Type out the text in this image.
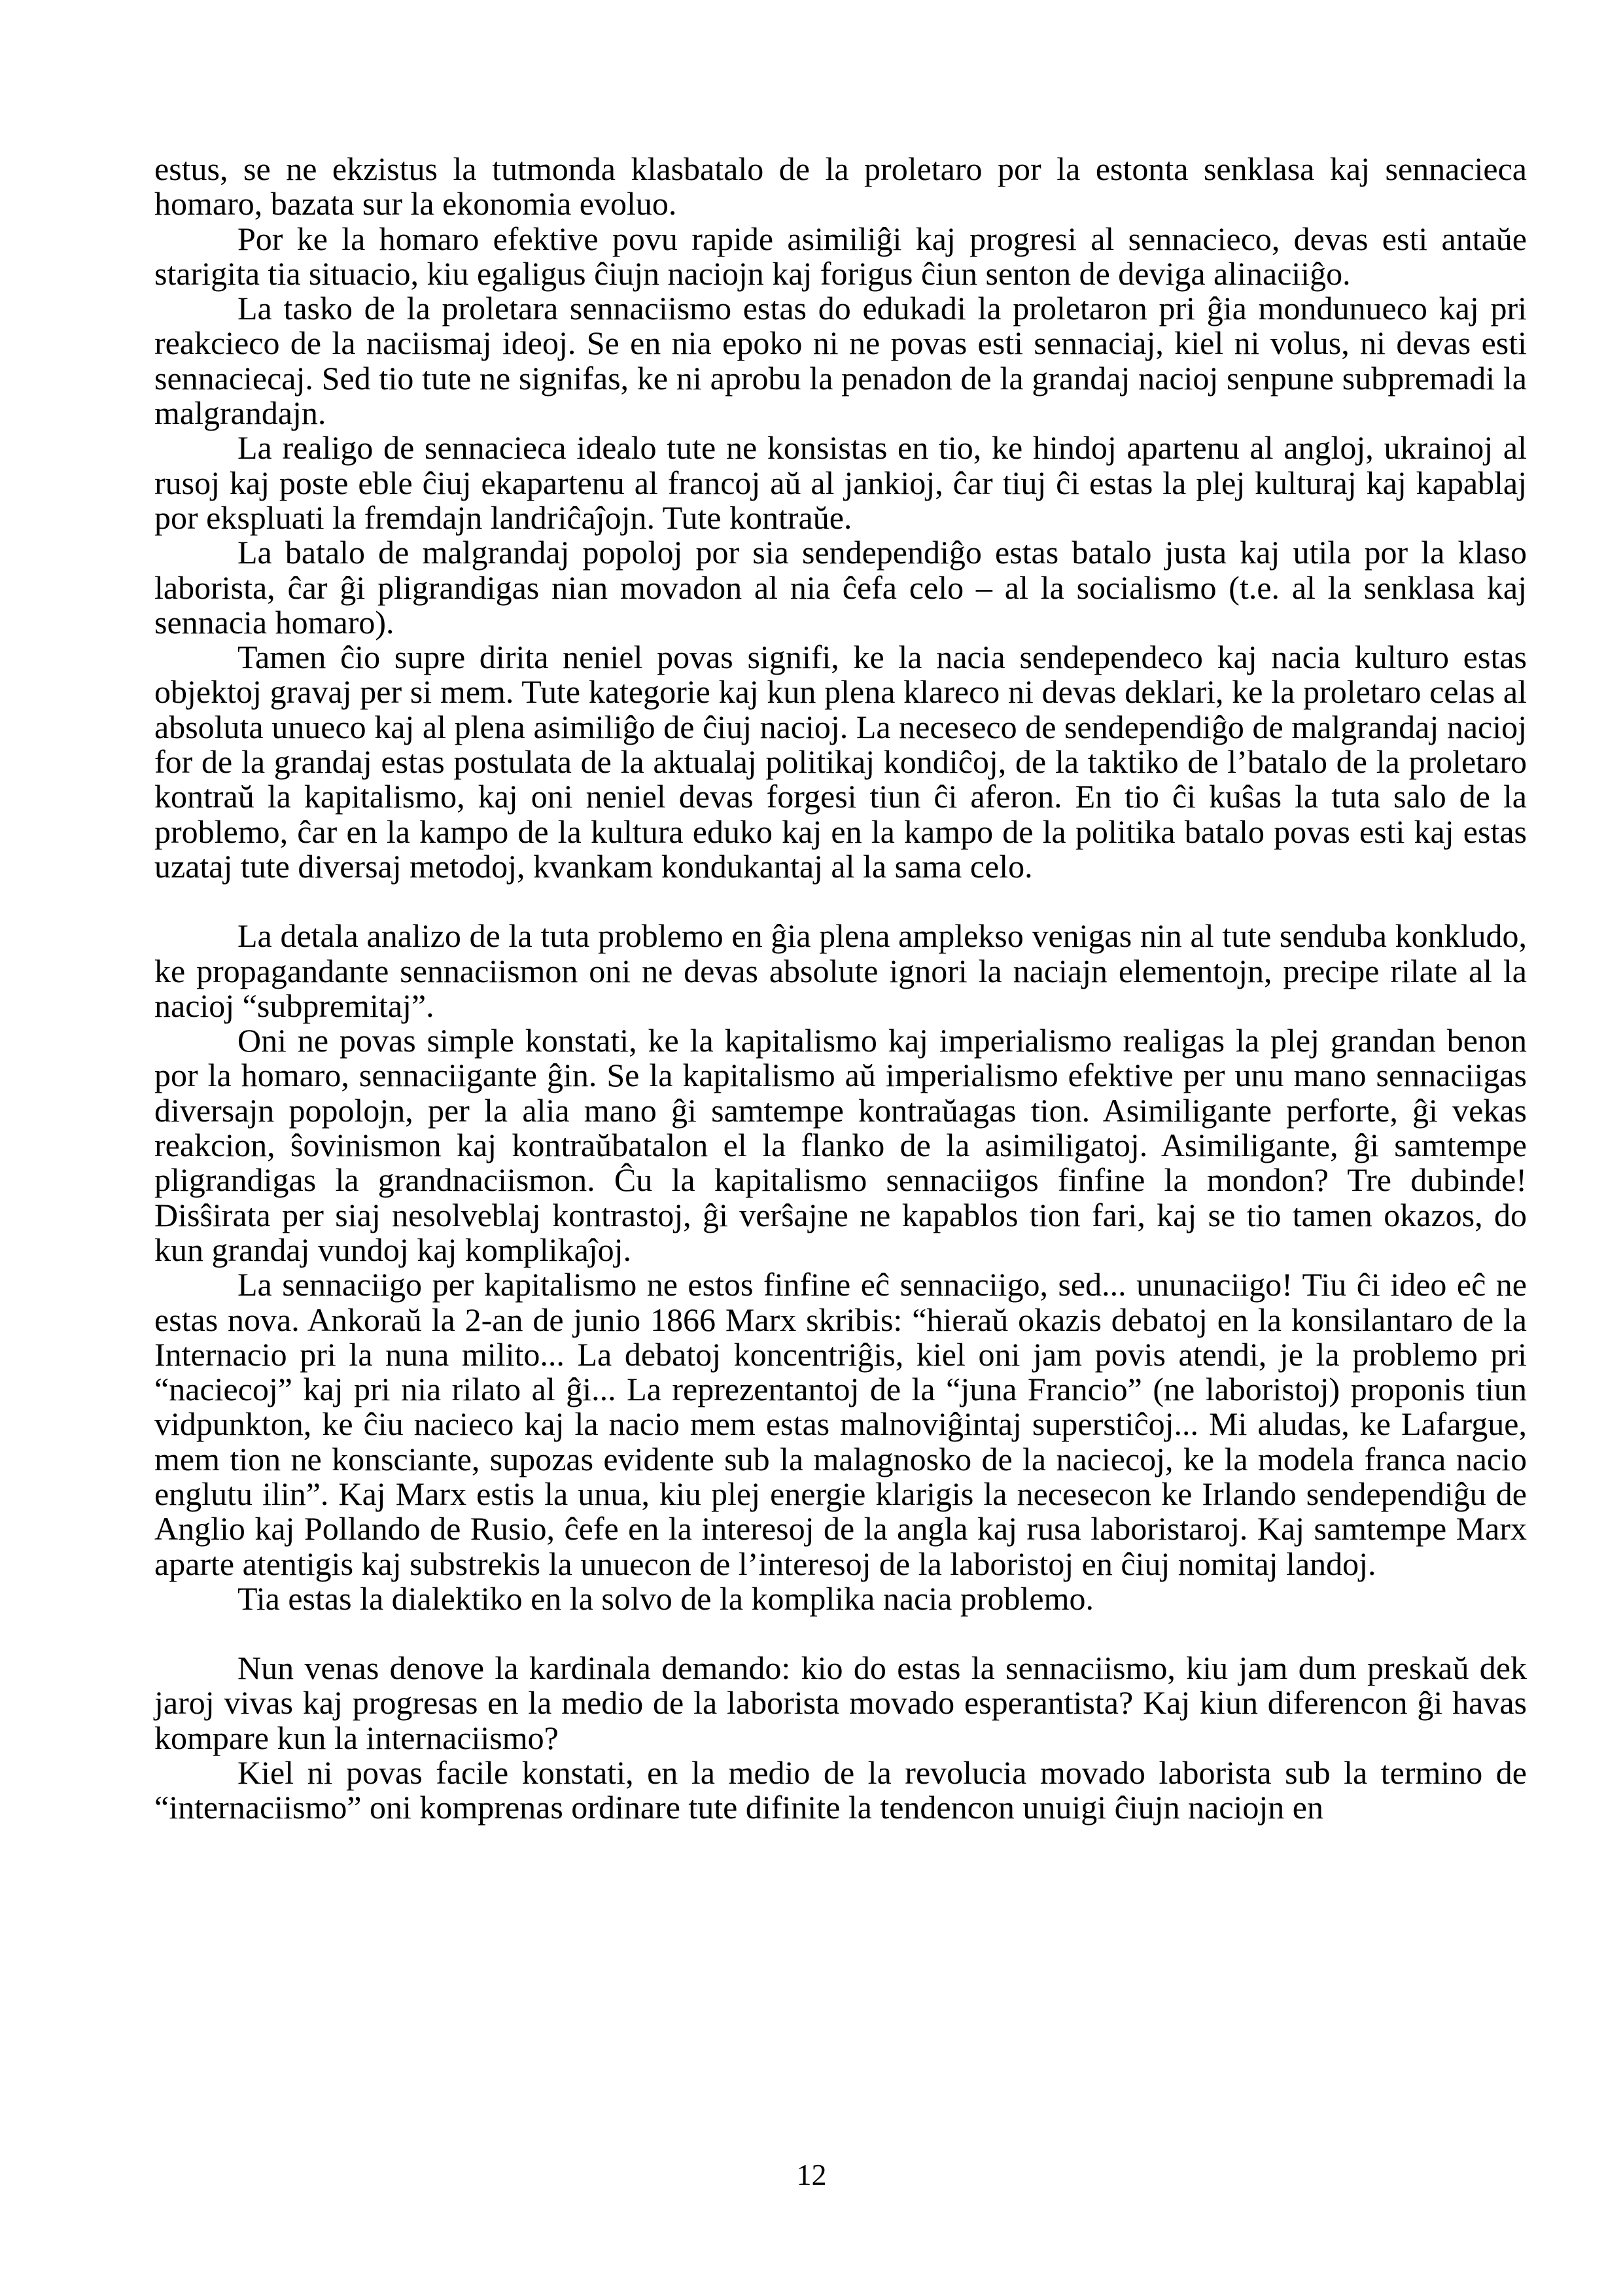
estus, se ne ekzistus la tutmonda klasbatalo de la proletaro por la estonta senklasa kaj sennacieca homaro, bazata sur la ekonomia evoluo.

Por ke la homaro efektive povu rapide asimiliĝi kaj progresi al sennacieco, devas esti antaŭe starigita tia situacio, kiu egaligus ĉiujn naciojn kaj forigus ĉiun senton de deviga alinaciiĝo.

La tasko de la proletara sennaciismo estas do edukadi la proletaron pri ĝia mondunueco kaj pri reakcieco de la naciismaj ideoj. Se en nia epoko ni ne povas esti sennaciaj, kiel ni volus, ni devas esti sennaciecaj. Sed tio tute ne signifas, ke ni aprobu la penadon de la grandaj nacioj senpune subpremadi la malgrandajn.

La realigo de sennacieca idealo tute ne konsistas en tio, ke hindoj apartenu al angloj, ukrainoj al rusoj kaj poste eble ĉiuj ekapartenu al francoj aŭ al jankioj, ĉar tiuj ĉi estas la plej kulturaj kaj kapablaj por ekspluati la fremdajn landriĉaĵojn. Tute kontraŭe.

La batalo de malgrandaj popoloj por sia sendependiĝo estas batalo justa kaj utila por la klaso laborista, ĉar ĝi pligrandigas nian movadon al nia ĉefa celo – al la socialismo (t.e. al la senklasa kaj sennacia homaro).

Tamen ĉio supre dirita neniel povas signifi, ke la nacia sendependeco kaj nacia kulturo estas objektoj gravaj per si mem. Tute kategorie kaj kun plena klareco ni devas deklari, ke la proletaro celas al absoluta unueco kaj al plena asimiliĝo de ĉiuj nacioj. La neceseco de sendependiĝo de malgrandaj nacioj for de la grandaj estas postulata de la aktualaj politikaj kondiĉoj, de la taktiko de l’batalo de la proletaro kontraŭ la kapitalismo, kaj oni neniel devas forgesi tiun ĉi aferon. En tio ĉi kuŝas la tuta salo de la problemo, ĉar en la kampo de la kultura eduko kaj en la kampo de la politika batalo povas esti kaj estas uzataj tute diversaj metodoj, kvankam kondukantaj al la sama celo.

La detala analizo de la tuta problemo en ĝia plena amplekso venigas nin al tute senduba konkludo, ke propagandante sennaciismon oni ne devas absolute ignori la naciajn elementojn, precipe rilate al la nacioj “subpremitaj”.

Oni ne povas simple konstati, ke la kapitalismo kaj imperialismo realigas la plej grandan benon por la homaro, sennaciigante ĝin. Se la kapitalismo aŭ imperialismo efektive per unu mano sennaciigas diversajn popolojn, per la alia mano ĝi samtempe kontraŭagas tion. Asimiligante perforte, ĝi vekas reakcion, ŝovinismon kaj kontraŭbatalon el la flanko de la asimiligatoj. Asimiligante, ĝi samtempe pligrandigas la grandnaciismon. Ĉu la kapitalismo sennaciigos finfine la mondon? Tre dubinde! Disŝirata per siaj nesolveblaj kontrastoj, ĝi verŝajne ne kapablos tion fari, kaj se tio tamen okazos, do kun grandaj vundoj kaj komplikaĵoj.

La sennaciigo per kapitalismo ne estos finfine eĉ sennaciigo, sed... ununaciigo! Tiu ĉi ideo eĉ ne estas nova. Ankoraŭ la 2-an de junio 1866 Marx skribis: “hieraŭ okazis debatoj en la konsilantaro de la Internacio pri la nuna milito... La debatoj koncentriĝis, kiel oni jam povis atendi, je la problemo pri “naciecoj” kaj pri nia rilato al ĝi... La reprezentantoj de la “juna Francio” (ne laboristoj) proponis tiun vidpunkton, ke ĉiu nacieco kaj la nacio mem estas malnoviĝintaj superstiĉoj... Mi aludas, ke Lafargue, mem tion ne konsciante, supozas evidente sub la malagnosko de la naciecoj, ke la modela franca nacio englutu ilin”. Kaj Marx estis la unua, kiu plej energie klarigis la necesecon ke Irlando sendependiĝu de Anglio kaj Pollando de Rusio, ĉefe en la interesoj de la angla kaj rusa laboristaroj. Kaj samtempe Marx aparte atentigis kaj substrekis la unuecon de l’interesoj de la laboristoj en ĉiuj nomitaj landoj.

Tia estas la dialektiko en la solvo de la komplika nacia problemo.

Nun venas denove la kardinala demando: kio do estas la sennaciismo, kiu jam dum preskaŭ dek jaroj vivas kaj progresas en la medio de la laborista movado esperantista? Kaj kiun diferencon ĝi havas kompare kun la internaciismo?

Kiel ni povas facile konstati, en la medio de la revolucia movado laborista sub la termino de “internaciismo” oni komprenas ordinare tute difinite la tendencon unuigi ĉiujn naciojn en

12
